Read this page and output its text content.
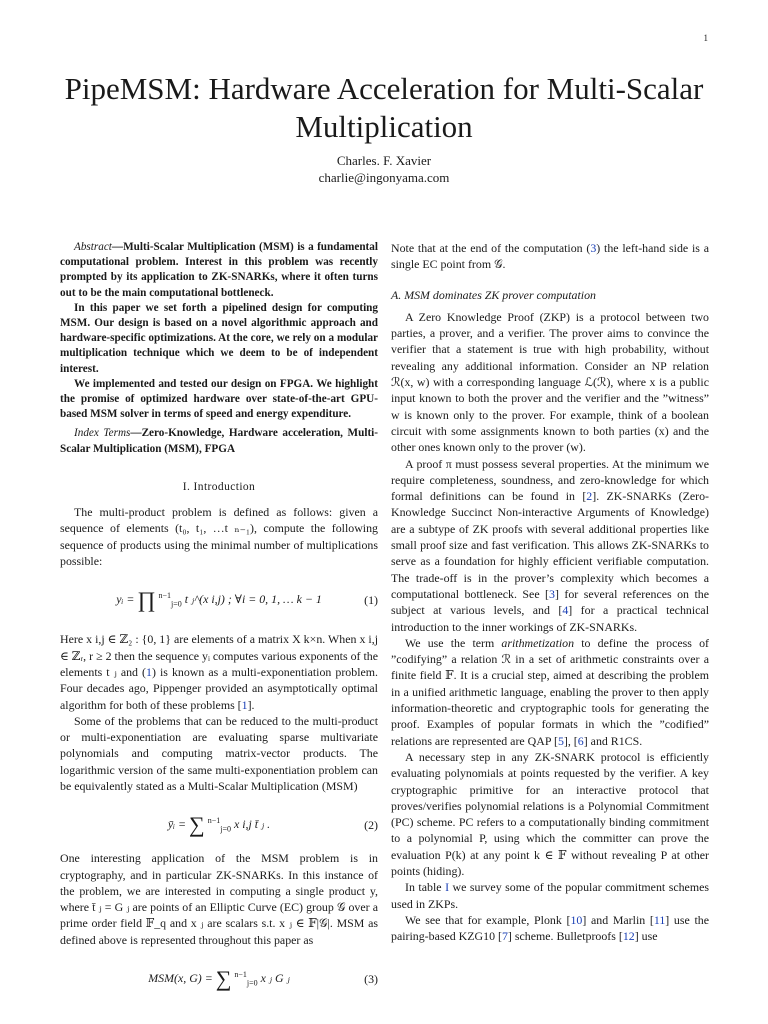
1
PipeMSM: Hardware Acceleration for Multi-Scalar Multiplication
Charles. F. Xavier
charlie@ingonyama.com

Abstract—Multi-Scalar Multiplication (MSM) is a fundamental computational problem. Interest in this problem was recently prompted by its application to ZK-SNARKs, where it often turns out to be the main computational bottleneck.

In this paper we set forth a pipelined design for computing MSM. Our design is based on a novel algorithmic approach and hardware-specific optimizations. At the core, we rely on a modular multiplication technique which we deem to be of independent interest.

We implemented and tested our design on FPGA. We highlight the promise of optimized hardware over state-of-the-art GPU-based MSM solver in terms of speed and energy expenditure.

Index Terms—Zero-Knowledge, Hardware acceleration, Multi-Scalar Multiplication (MSM), FPGA

I. Introduction

The multi-product problem is defined as follows: given a sequence of elements (t₀, t₁, …t ₙ₋₁), compute the following sequence of products using the minimal number of multiplications possible:

yᵢ = ∏ $^{n-1}_{j=0}$ t ⱼ^(x i,j) ; ∀i = 0, 1, … k − 1	(1)

Here x i,j ∈ ℤ₂ : {0, 1} are elements of a matrix X k×n. When x i,j ∈ ℤᵣ, r ≥ 2 then the sequence yᵢ computes various exponents of the elements t ⱼ and (1) is known as a multi-exponentiation problem. Four decades ago, Pippenger provided an asymptotically optimal algorithm for both of these problems [1].

Some of the problems that can be reduced to the multi-product or multi-exponentiation are evaluating sparse multivariate polynomials and computing matrix-vector products. The logarithmic version of the same multi-exponentiation problem can be equivalently stated as a Multi-Scalar Multiplication (MSM)

ȳᵢ = ∑ $^{n-1}_{j=0}$ x i,j t̄ ⱼ .	(2)

One interesting application of the MSM problem is in cryptography, and in particular ZK-SNARKs. In this instance of the problem, we are interested in computing a single product y, where t̄ ⱼ = G ⱼ are points of an Elliptic Curve (EC) group 𝒢 over a prime order field 𝔽_q and x ⱼ are scalars s.t. x ⱼ ∈ 𝔽|𝒢|. MSM as defined above is represented throughout this paper as

MSM(x, G) = ∑ $^{n-1}_{j=0}$ x ⱼ G ⱼ	(3)

Note that at the end of the computation (3) the left-hand side is a single EC point from 𝒢.

A. MSM dominates ZK prover computation

A Zero Knowledge Proof (ZKP) is a protocol between two parties, a prover, and a verifier. The prover aims to convince the verifier that a statement is true with high probability, without revealing any additional information. Consider an NP relation ℛ(x, w) with a corresponding language ℒ(ℛ), where x is a public input known to both the prover and the verifier and the ”witness” w is known only to the prover. For example, think of a boolean circuit with some assignments known to both parties (x) and the other ones known only to the prover (w).

A proof π must possess several properties. At the minimum we require completeness, soundness, and zero-knowledge for which formal definitions can be found in [2]. ZK-SNARKs (Zero-Knowledge Succinct Non-interactive Arguments of Knowledge) are a subtype of ZK proofs with several additional properties like small proof size and fast verification. This allows ZK-SNARKs to serve as a foundation for highly efficient verifiable computation. The trade-off is in the prover’s complexity which becomes a computational bottleneck. See [3] for several references on the subject at various levels, and [4] for a practical technical introduction to the inner workings of ZK-SNARKs.

We use the term arithmetization to define the process of ”codifying” a relation ℛ in a set of arithmetic constraints over a finite field 𝔽. It is a crucial step, aimed at describing the problem in a unified arithmetic language, enabling the prover to then apply information-theoretic and cryptographic tools for generating the proof. Examples of popular formats in which the ”codified” relations are represented are QAP [5], [6] and R1CS.

A necessary step in any ZK-SNARK protocol is efficiently evaluating polynomials at points requested by the verifier. A key cryptographic primitive for an interactive protocol that proves/verifies polynomial relations is a Polynomial Commitment (PC) scheme. PC refers to a computationally binding commitment to a polynomial P, using which the committer can prove the evaluation P(k) at any point k ∈ 𝔽 without revealing P at other points (hiding).

In table I we survey some of the popular commitment schemes used in ZKPs.

We see that for example, Plonk [10] and Marlin [11] use the pairing-based KZG10 [7] scheme. Bulletproofs [12] use
